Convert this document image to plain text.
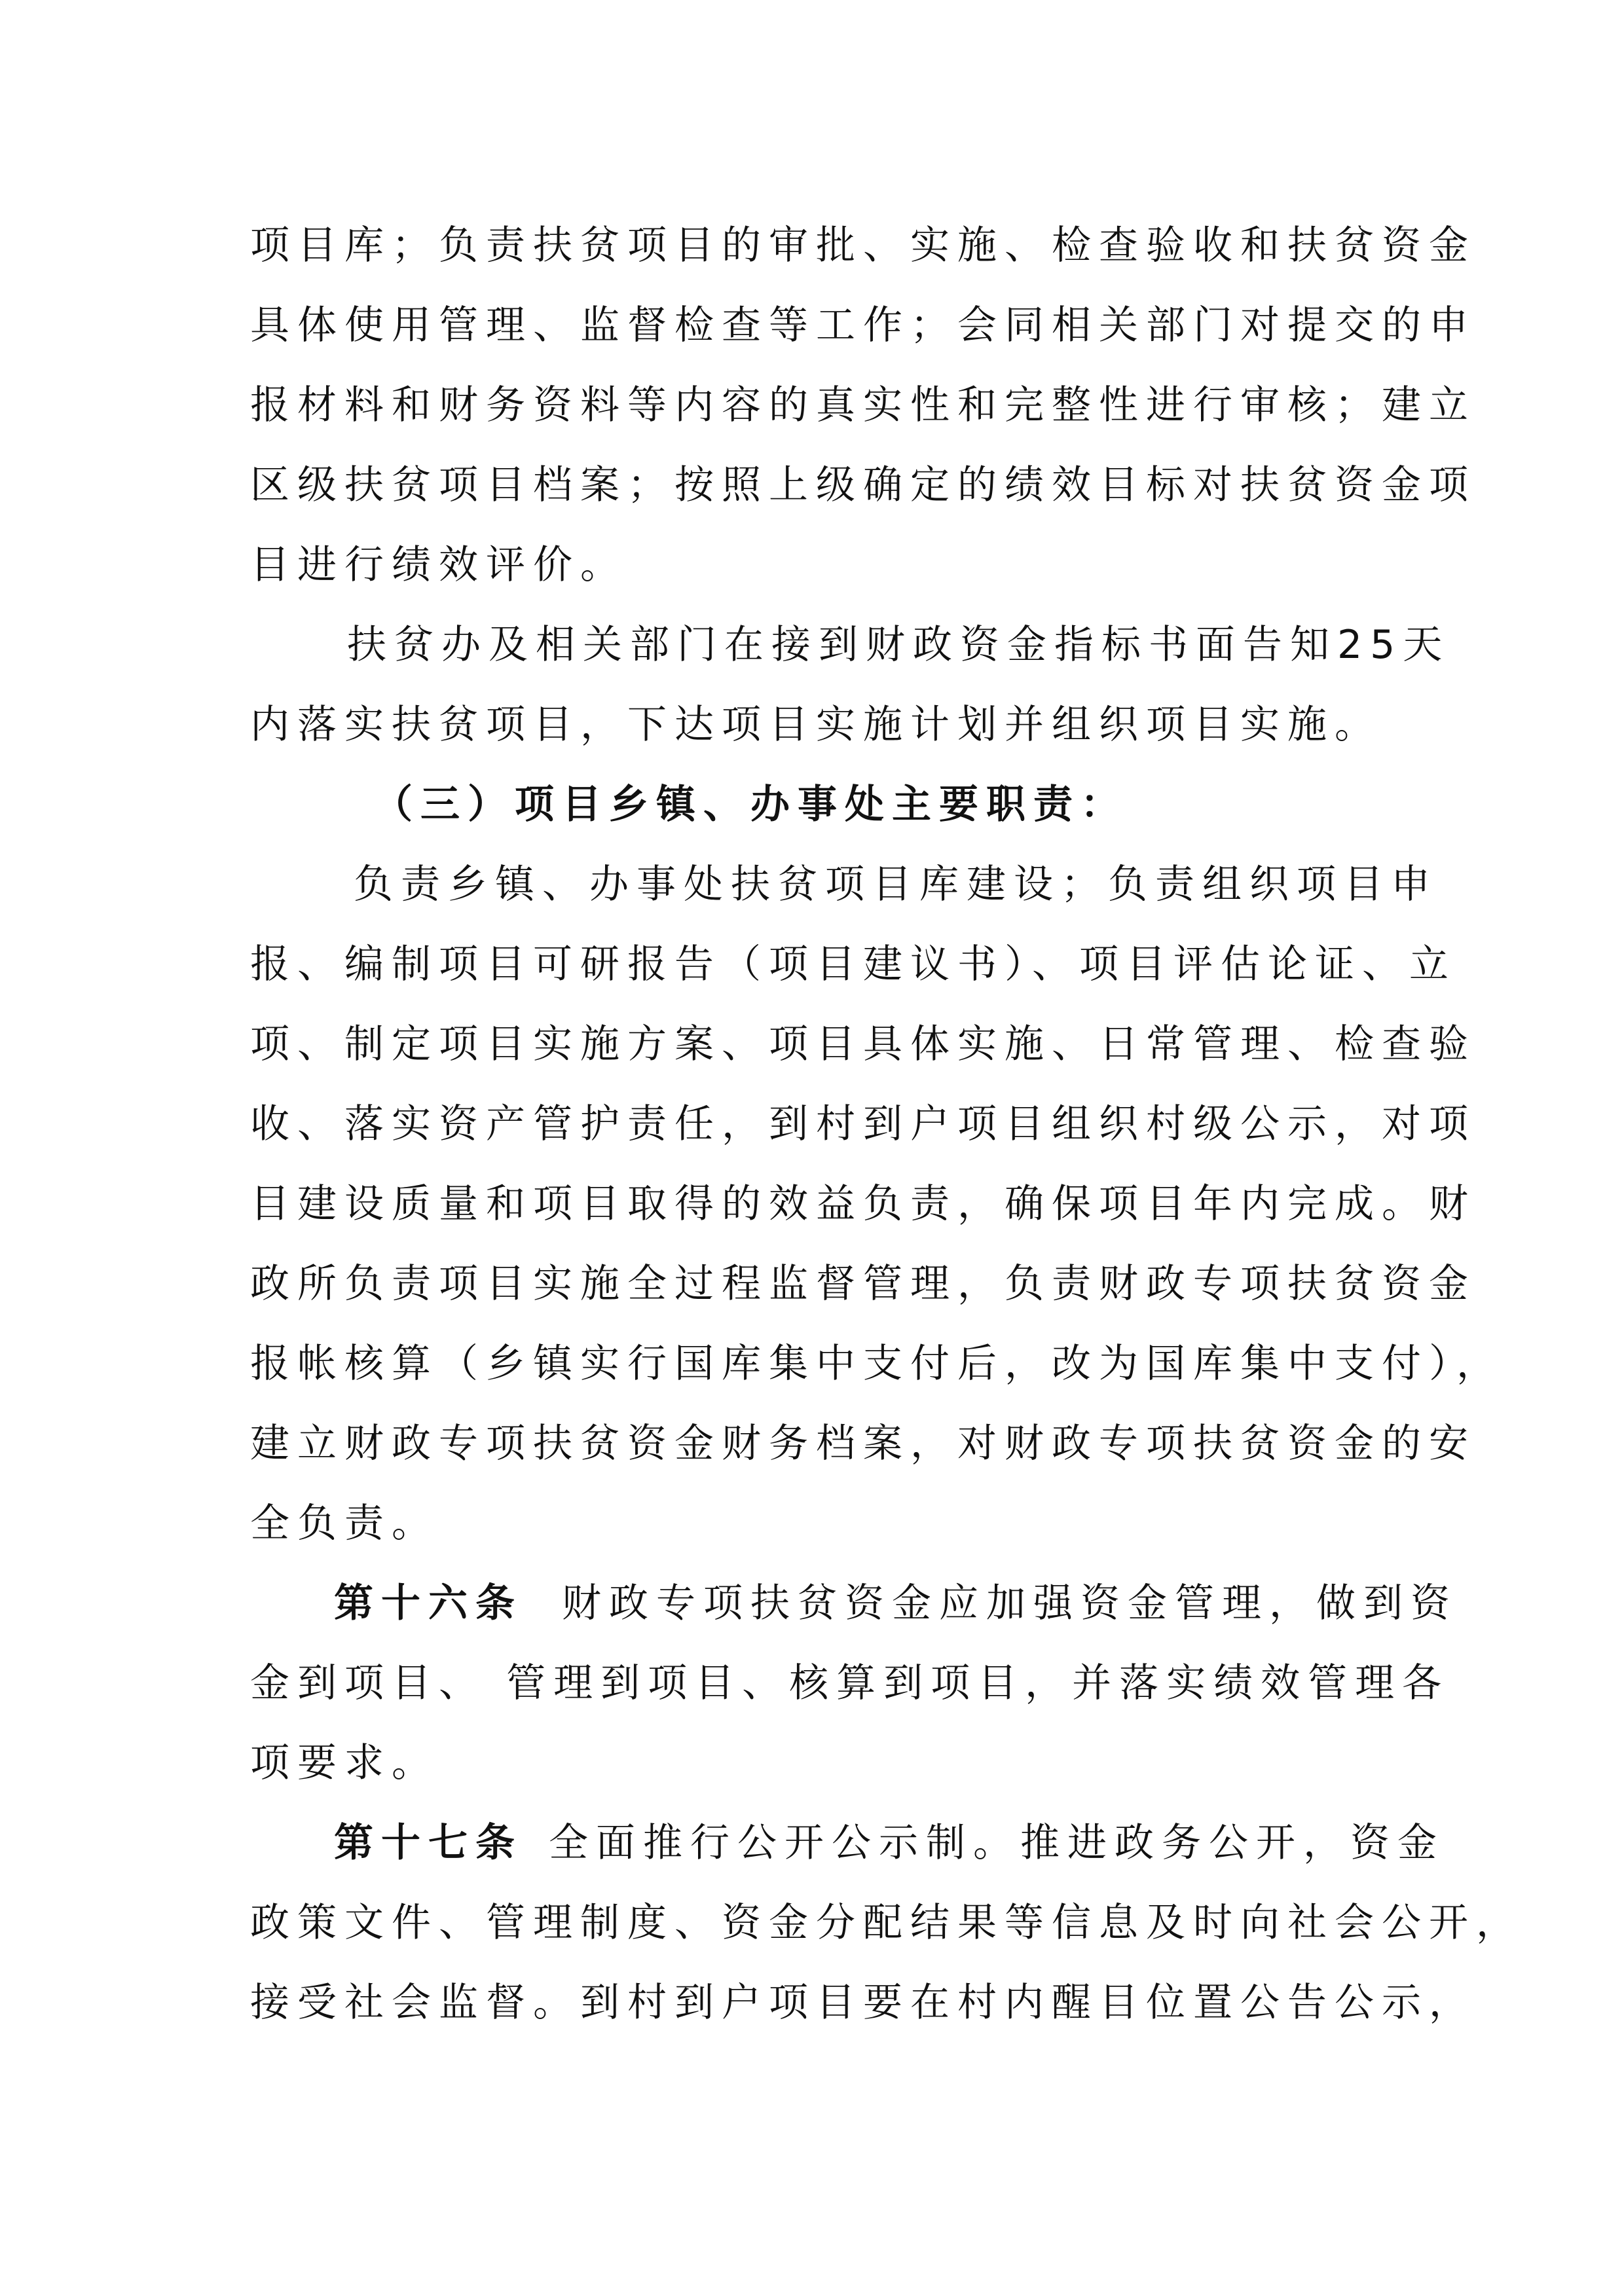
项目库；负责扶贫项目的审批、实施、检查验收和扶贫资金
具体使用管理、监督检查等工作；会同相关部门对提交的申
报材料和财务资料等内容的真实性和完整性进行审核；建立
区级扶贫项目档案；按照上级确定的绩效目标对扶贫资金项
目进行绩效评价。
扶贫办及相关部门在接到财政资金指标书面告知25天
内落实扶贫项目，下达项目实施计划并组织项目实施。
（三）项目乡镇、办事处主要职责：
负责乡镇、办事处扶贫项目库建设；负责组织项目申
报、编制项目可研报告（项目建议书）、项目评估论证、立
项、制定项目实施方案、项目具体实施、日常管理、检查验
收、落实资产管护责任，到村到户项目组织村级公示，对项
目建设质量和项目取得的效益负责，确保项目年内完成。财
政所负责项目实施全过程监督管理，负责财政专项扶贫资金
报帐核算（乡镇实行国库集中支付后，改为国库集中支付），
建立财政专项扶贫资金财务档案，对财政专项扶贫资金的安
全负责。
第十六条 财政专项扶贫资金应加强资金管理，做到资
金到项目、 管理到项目、核算到项目，并落实绩效管理各
项要求。
第十七条 全面推行公开公示制。推进政务公开，资金
政策文件、管理制度、资金分配结果等信息及时向社会公开，
接受社会监督。到村到户项目要在村内醒目位置公告公示，
